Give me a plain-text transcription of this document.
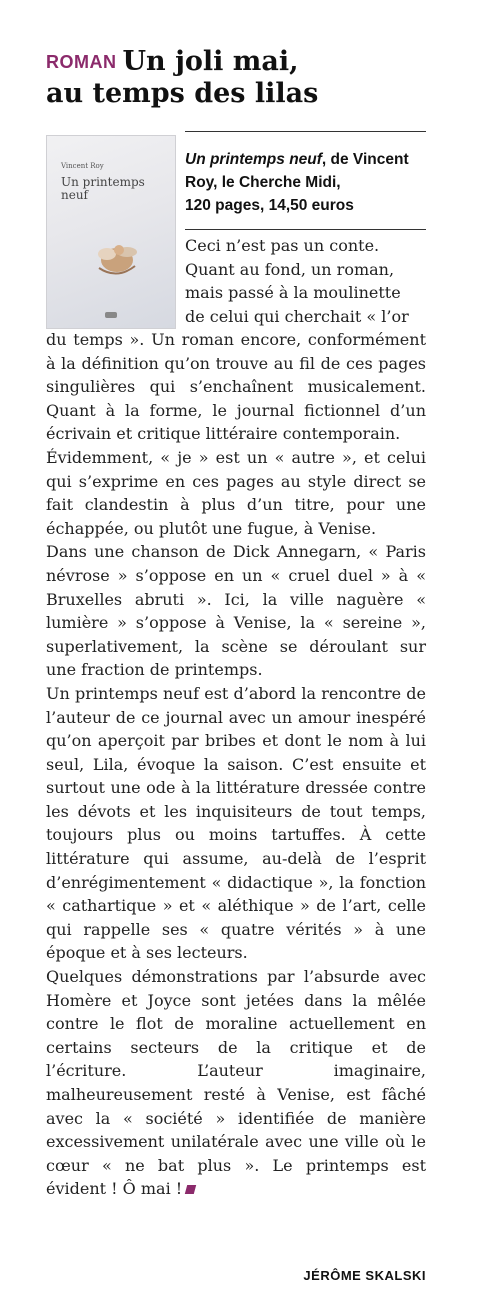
ROMAN Un joli mai,
au temps des lilas
Vincent Roy
Un printemps neuf

Un printemps neuf, de Vincent

Roy, le Cherche Midi,

120 pages, 14,50 euros

Ceci n’est pas un conte.
Quant au fond, un roman,
mais passé à la moulinette
de celui qui cherchait « l’or

du temps ». Un roman encore, conformément à la définition qu’on trouve au fil de ces pages singulières qui s’enchaînent musicalement. Quant à la forme, le journal fictionnel d’un écrivain et critique littéraire contemporain.

Évidemment, « je » est un « autre », et celui qui s’exprime en ces pages au style direct se fait clandestin à plus d’un titre, pour une échappée, ou plutôt une fugue, à Venise.

Dans une chanson de Dick Annegarn, « Paris névrose » s’oppose en un « cruel duel » à « Bruxelles abruti ». Ici, la ville naguère « lumière » s’oppose à Venise, la « sereine », superlativement, la scène se déroulant sur une fraction de printemps.

Un printemps neuf est d’abord la rencontre de l’auteur de ce journal avec un amour inespéré qu’on aperçoit par bribes et dont le nom à lui seul, Lila, évoque la saison. C’est ensuite et surtout une ode à la littérature dressée contre les dévots et les inquisiteurs de tout temps, toujours plus ou moins tartuffes. À cette littérature qui assume, au-delà de l’esprit d’enrégimentement « didactique », la fonction « cathartique » et « aléthique » de l’art, celle qui rappelle ses « quatre vérités » à une époque et à ses lecteurs.

Quelques démonstrations par l’absurde avec Homère et Joyce sont jetées dans la mêlée contre le flot de moraline actuellement en certains secteurs de la critique et de l’écriture. L’auteur imaginaire, malheureusement resté à Venise, est fâché avec la « société » identifiée de manière excessivement unilatérale avec une ville où le cœur « ne bat plus ». Le printemps est évident ! Ô mai !

JÉRÔME SKALSKI
